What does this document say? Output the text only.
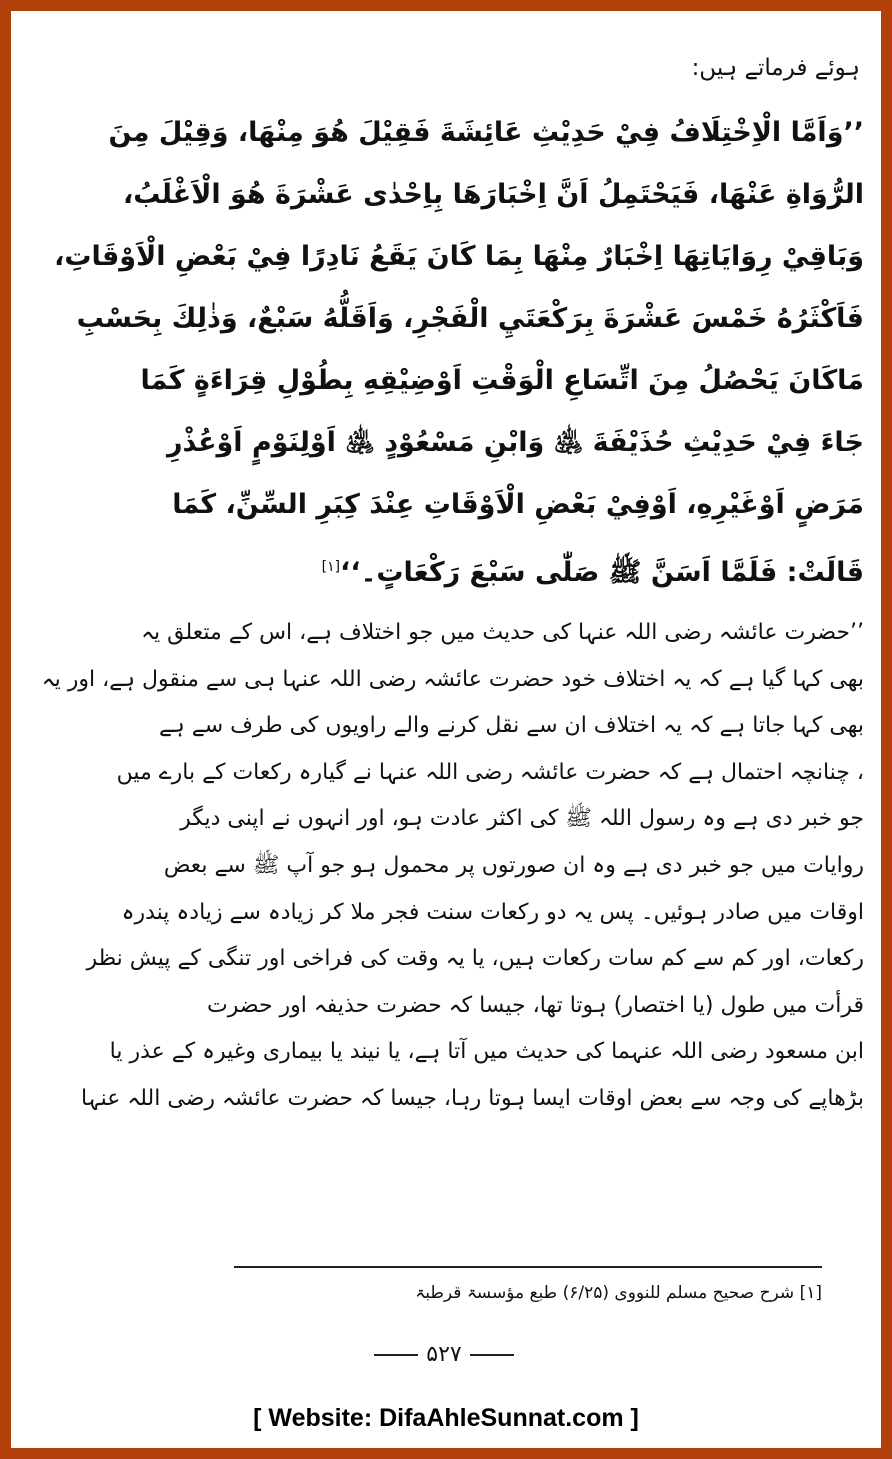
ہوئے فرماتے ہیں:
’’وَاَمَّا الْاِخْتِلَافُ فِيْ حَدِيْثِ عَائِشَةَ فَقِيْلَ هُوَ مِنْهَا، وَقِيْلَ مِنَ
الرُّوَاةِ عَنْهَا، فَيَحْتَمِلُ اَنَّ اِخْبَارَهَا بِاِحْدٰى عَشْرَةَ هُوَ الْاَغْلَبُ،
وَبَاقِيْ رِوَايَاتِهَا اِخْبَارٌ مِنْهَا بِمَا كَانَ يَقَعُ نَادِرًا فِيْ بَعْضِ الْاَوْقَاتِ،
فَاَكْثَرُهُ خَمْسَ عَشْرَةَ بِرَكْعَتَيِ الْفَجْرِ، وَاَقَلُّهُ سَبْعٌ، وَذٰلِكَ بِحَسْبِ
مَاكَانَ يَحْصُلُ مِنَ اتِّسَاعِ الْوَقْتِ اَوْضِيْقِهِ بِطُوْلِ قِرَاءَةٍ كَمَا
جَاءَ فِيْ حَدِيْثِ حُذَيْفَةَ ﵁ وَابْنِ مَسْعُوْدٍ ﵁ اَوْلِنَوْمٍ اَوْعُذْرِ
مَرَضٍ اَوْغَيْرِهِ، اَوْفِيْ بَعْضِ الْاَوْقَاتِ عِنْدَ كِبَرِ السِّنِّ، كَمَا
قَالَتْ: فَلَمَّا اَسَنَّ ﷺ صَلّٰى سَبْعَ رَكْعَاتٍ۔‘‘[۱]
’’حضرت عائشہ رضی اللہ عنہا کی حدیث میں جو اختلاف ہے، اس کے متعلق یہ
بھی کہا گیا ہے کہ یہ اختلاف خود حضرت عائشہ رضی اللہ عنہا ہی سے منقول ہے، اور یہ
بھی کہا جاتا ہے کہ یہ اختلاف ان سے نقل کرنے والے راویوں کی طرف سے ہے
، چنانچہ احتمال ہے کہ حضرت عائشہ رضی اللہ عنہا نے گیارہ رکعات کے بارے میں
جو خبر دی ہے وہ رسول اللہ ﷺ کی اکثر عادت ہو، اور انہوں نے اپنی دیگر
روایات میں جو خبر دی ہے وہ ان صورتوں پر محمول ہو جو آپ ﷺ سے بعض
اوقات میں صادر ہوئیں۔ پس یہ دو رکعات سنت فجر ملا کر زیادہ سے زیادہ پندرہ
رکعات، اور کم سے کم سات رکعات ہیں، یا یہ وقت کی فراخی اور تنگی کے پیش نظر
قرأت میں طول (یا اختصار) ہوتا تھا، جیسا کہ حضرت حذیفہ اور حضرت
ابن مسعود رضی اللہ عنہما کی حدیث میں آتا ہے، یا نیند یا بیماری وغیرہ کے عذر یا
بڑھاپے کی وجہ سے بعض اوقات ایسا ہوتا رہا، جیسا کہ حضرت عائشہ رضی اللہ عنہا
[۱] شرح صحیح مسلم للنووی (۶/۲۵) طبع مؤسسۃ قرطبۃ
۵۲۷
[ Website: DifaAhleSunnat.com ]
